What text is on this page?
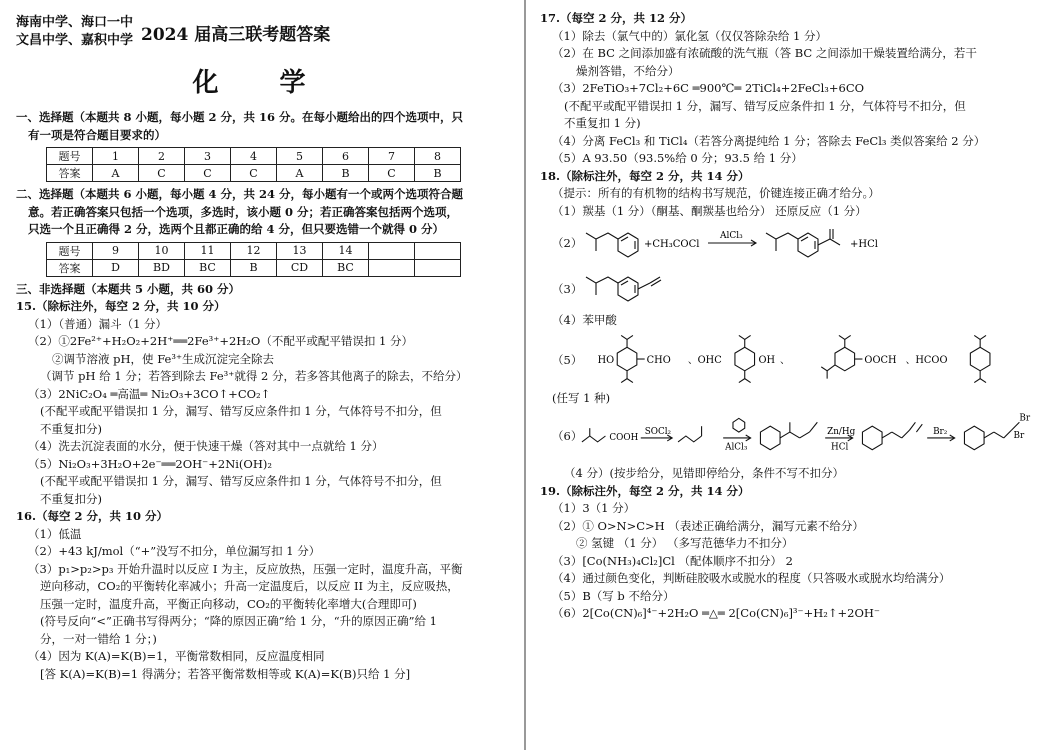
海南中学、海口一中
文昌中学、嘉积中学 2024 届高三联考题答案
化 学
一、选择题（本题共 8 小题，每小题 2 分，共 16 分。在每小题给出的四个选项中，只
有一项是符合题目要求的）
题号	1	2	3	4	5	6	7	8
答案	A	C	C	C	A	B	C	B
二、选择题（本题共 6 小题，每小题 4 分，共 24 分，每小题有一个或两个选项符合题
意。若正确答案只包括一个选项，多选时，该小题 0 分；若正确答案包括两个选项，
只选一个且正确得 2 分，选两个且都正确的给 4 分，但只要选错一个就得 0 分）
题号	9	10	11	12	13	14		
答案	D	BD	BC	B	CD	BC		
三、非选择题（本题共 5 小题，共 60 分）
15.（除标注外，每空 2 分，共 10 分）
（1）（普通）漏斗（1 分）
（2）①2Fe²⁺+H₂O₂+2H⁺══2Fe³⁺+2H₂O（不配平或配平错误扣 1 分）
②调节溶液 pH，使 Fe³⁺生成沉淀完全除去
（调节 pH 给 1 分；若答到除去 Fe³⁺就得 2 分，若多答其他离子的除去，不给分）
（3）2NiC₂O₄ ═高温═ Ni₂O₃+3CO↑+CO₂↑
(不配平或配平错误扣 1 分，漏写、错写反应条件扣 1 分，气体符号不扣分，但
不重复扣分)
（4）洗去沉淀表面的水分，便于快速干燥（答对其中一点就给 1 分）
（5）Ni₂O₃+3H₂O+2e⁻══2OH⁻+2Ni(OH)₂
(不配平或配平错误扣 1 分，漏写、错写反应条件扣 1 分，气体符号不扣分，但
不重复扣分)
16.（每空 2 分，共 10 分）
（1）低温
（2）+43 kJ/mol（“+”没写不扣分，单位漏写扣 1 分）
（3）p₁>p₂>p₃ 开始升温时以反应 I 为主，反应放热，压强一定时，温度升高，平衡
逆向移动，CO₂的平衡转化率减小；升高一定温度后，以反应 II 为主，反应吸热，
压强一定时，温度升高，平衡正向移动，CO₂的平衡转化率增大(合理即可)
(符号反向“<”正确书写得两分；“降的原因正确”给 1 分，“升的原因正确”给 1
分，一对一错给 1 分；)
（4）因为 K(A)=K(B)=1，平衡常数相同，反应温度相同
[答 K(A)=K(B)=1 得满分；若答平衡常数相等或 K(A)=K(B)只给 1 分]
17.（每空 2 分，共 12 分）
（1）除去（氯气中的）氯化氢（仅仅答除杂给 1 分）
（2）在 BC 之间添加盛有浓硫酸的洗气瓶（答 BC 之间添加干燥装置给满分，若干
燥剂答错，不给分）
（3）2FeTiO₃+7Cl₂+6C ═900℃═ 2TiCl₄+2FeCl₃+6CO
(不配平或配平错误扣 1 分，漏写、错写反应条件扣 1 分，气体符号不扣分，但
不重复扣 1 分)
（4）分离 FeCl₃ 和 TiCl₄（若答分离提纯给 1 分；答除去 FeCl₃ 类似答案给 2 分）
（5）A 93.50（93.5%给 0 分；93.5 给 1 分）
18.（除标注外，每空 2 分，共 14 分）
（提示：所有的有机物的结构书写规范，价键连接正确才给分。）
（1）羰基（1 分）（酮基、酮羰基也给分） 还原反应（1 分）
（2）	+CH₃COCl
AlCl₃
+HCl
（3）
（4）苯甲酸
（5） HO	CHO 、OHC	OH 、	OOCH 、HCOO
(任写 1 种)
（6）	COOH
SOCl₂
AlCl₃
Zn/Hg
HCl
Br₂
Br
Br
（4 分）(按步给分，见错即停给分，条件不写不扣分）
19.（除标注外，每空 2 分，共 14 分）
（1）3（1 分）
（2）① O>N>C>H （表述正确给满分，漏写元素不给分）
② 氢键 （1 分） （多写范德华力不扣分）
（3）[Co(NH₃)₄Cl₂]Cl （配体顺序不扣分） 2
（4）通过颜色变化，判断硅胶吸水或脱水的程度（只答吸水或脱水均给满分）
（5）B（写 b 不给分）
（6）2[Co(CN)₆]⁴⁻+2H₂O ═△═ 2[Co(CN)₆]³⁻+H₂↑+2OH⁻
